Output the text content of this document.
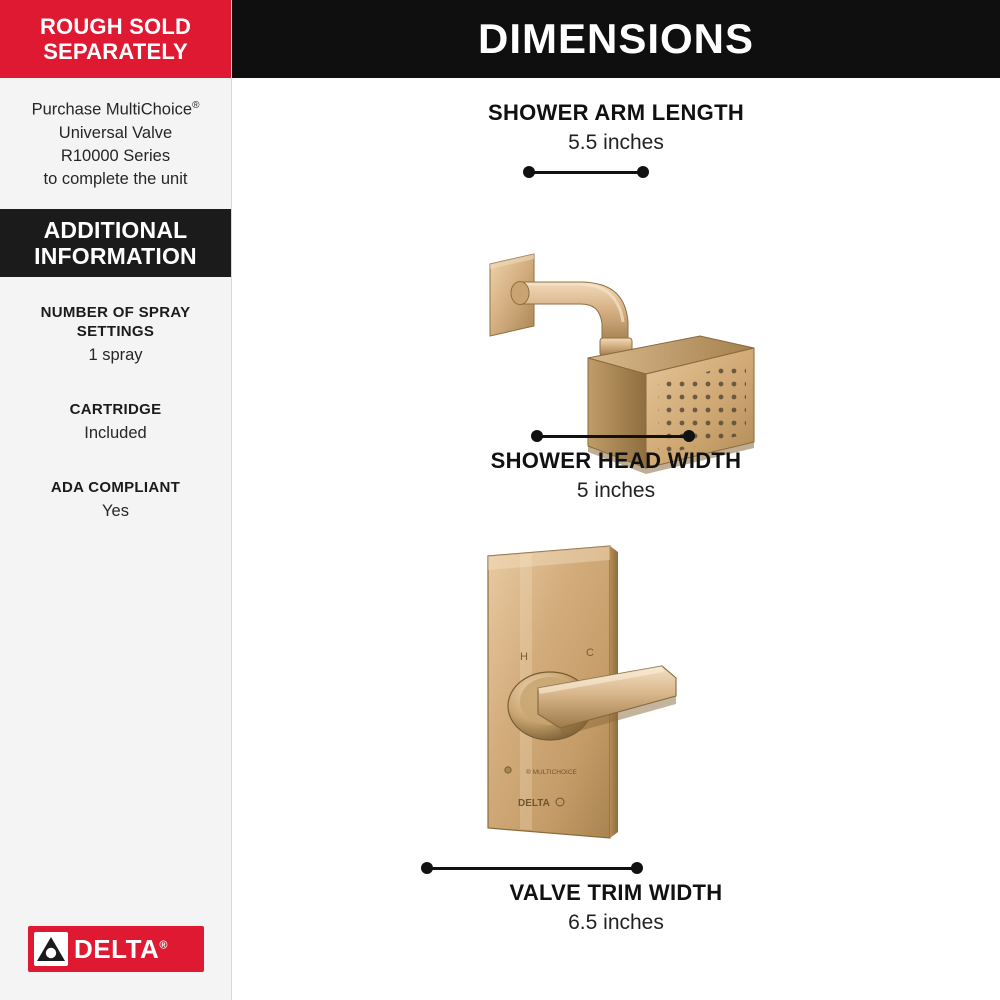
ROUGH SOLD SEPARATELY
Purchase MultiChoice®
Universal Valve
R10000 Series
to complete the unit
ADDITIONAL INFORMATION
NUMBER OF SPRAY SETTINGS
1 spray
CARTRIDGE
Included
ADA COMPLIANT
Yes
DELTA®
DIMENSIONS
SHOWER ARM LENGTH
5.5 inches
SHOWER HEAD WIDTH
5 inches
H	C
® MULTICHOICE
DELTA
VALVE TRIM WIDTH
6.5 inches
